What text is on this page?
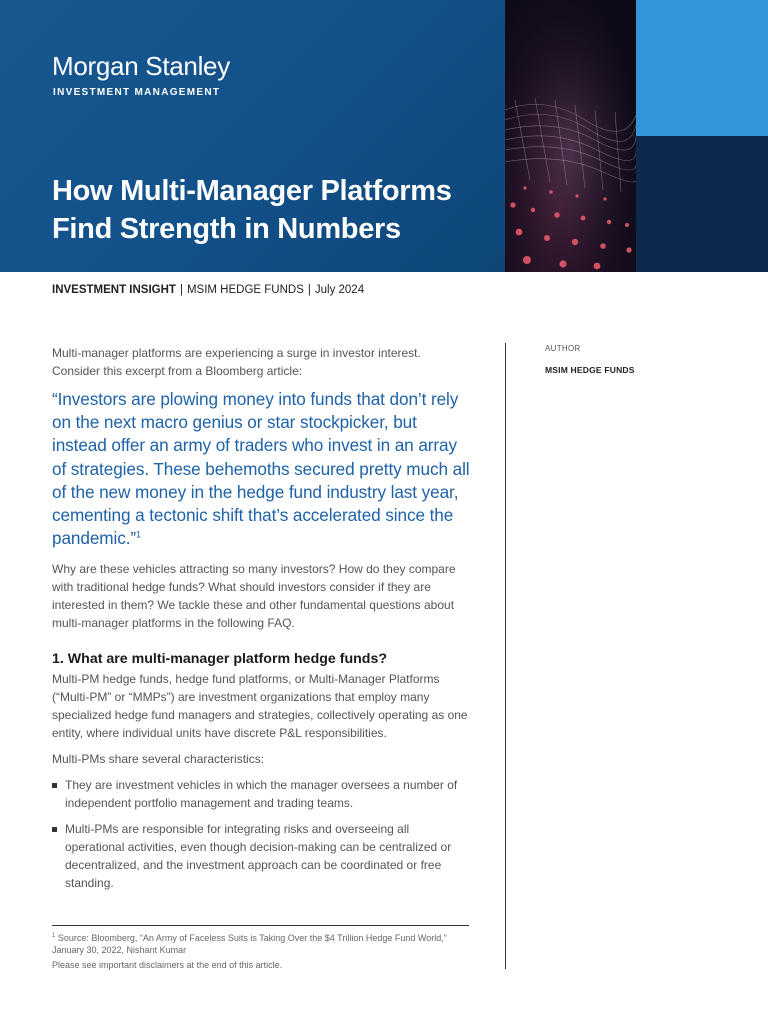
Morgan Stanley
INVESTMENT MANAGEMENT
How Multi-Manager Platforms
Find Strength in Numbers
INVESTMENT INSIGHT | MSIM HEDGE FUNDS | July 2024
AUTHOR
MSIM HEDGE FUNDS

Multi-manager platforms are experiencing a surge in investor interest. Consider this excerpt from a Bloomberg article:

“Investors are plowing money into funds that don’t rely on the next macro genius or star stockpicker, but instead offer an army of traders who invest in an array of strategies. These behemoths secured pretty much all of the new money in the hedge fund industry last year, cementing a tectonic shift that’s accelerated since the pandemic.”$^1$

Why are these vehicles attracting so many investors? How do they compare with traditional hedge funds? What should investors consider if they are interested in them? We tackle these and other fundamental questions about multi-manager platforms in the following FAQ.

1. What are multi-manager platform hedge funds?

Multi-PM hedge funds, hedge fund platforms, or Multi-Manager Platforms (“Multi-PM” or “MMPs”) are investment organizations that employ many specialized hedge fund managers and strategies, collectively operating as one entity, where individual units have discrete P&L responsibilities.

Multi-PMs share several characteristics:

They are investment vehicles in which the manager oversees a number of independent portfolio management and trading teams.
Multi-PMs are responsible for integrating risks and overseeing all operational activities, even though decision-making can be centralized or decentralized, and the investment approach can be coordinated or free standing.
$^1$ Source: Bloomberg, “An Army of Faceless Suits is Taking Over the $4 Trillion Hedge Fund World,” January 30, 2022, Nishant Kumar
Please see important disclaimers at the end of this article.
